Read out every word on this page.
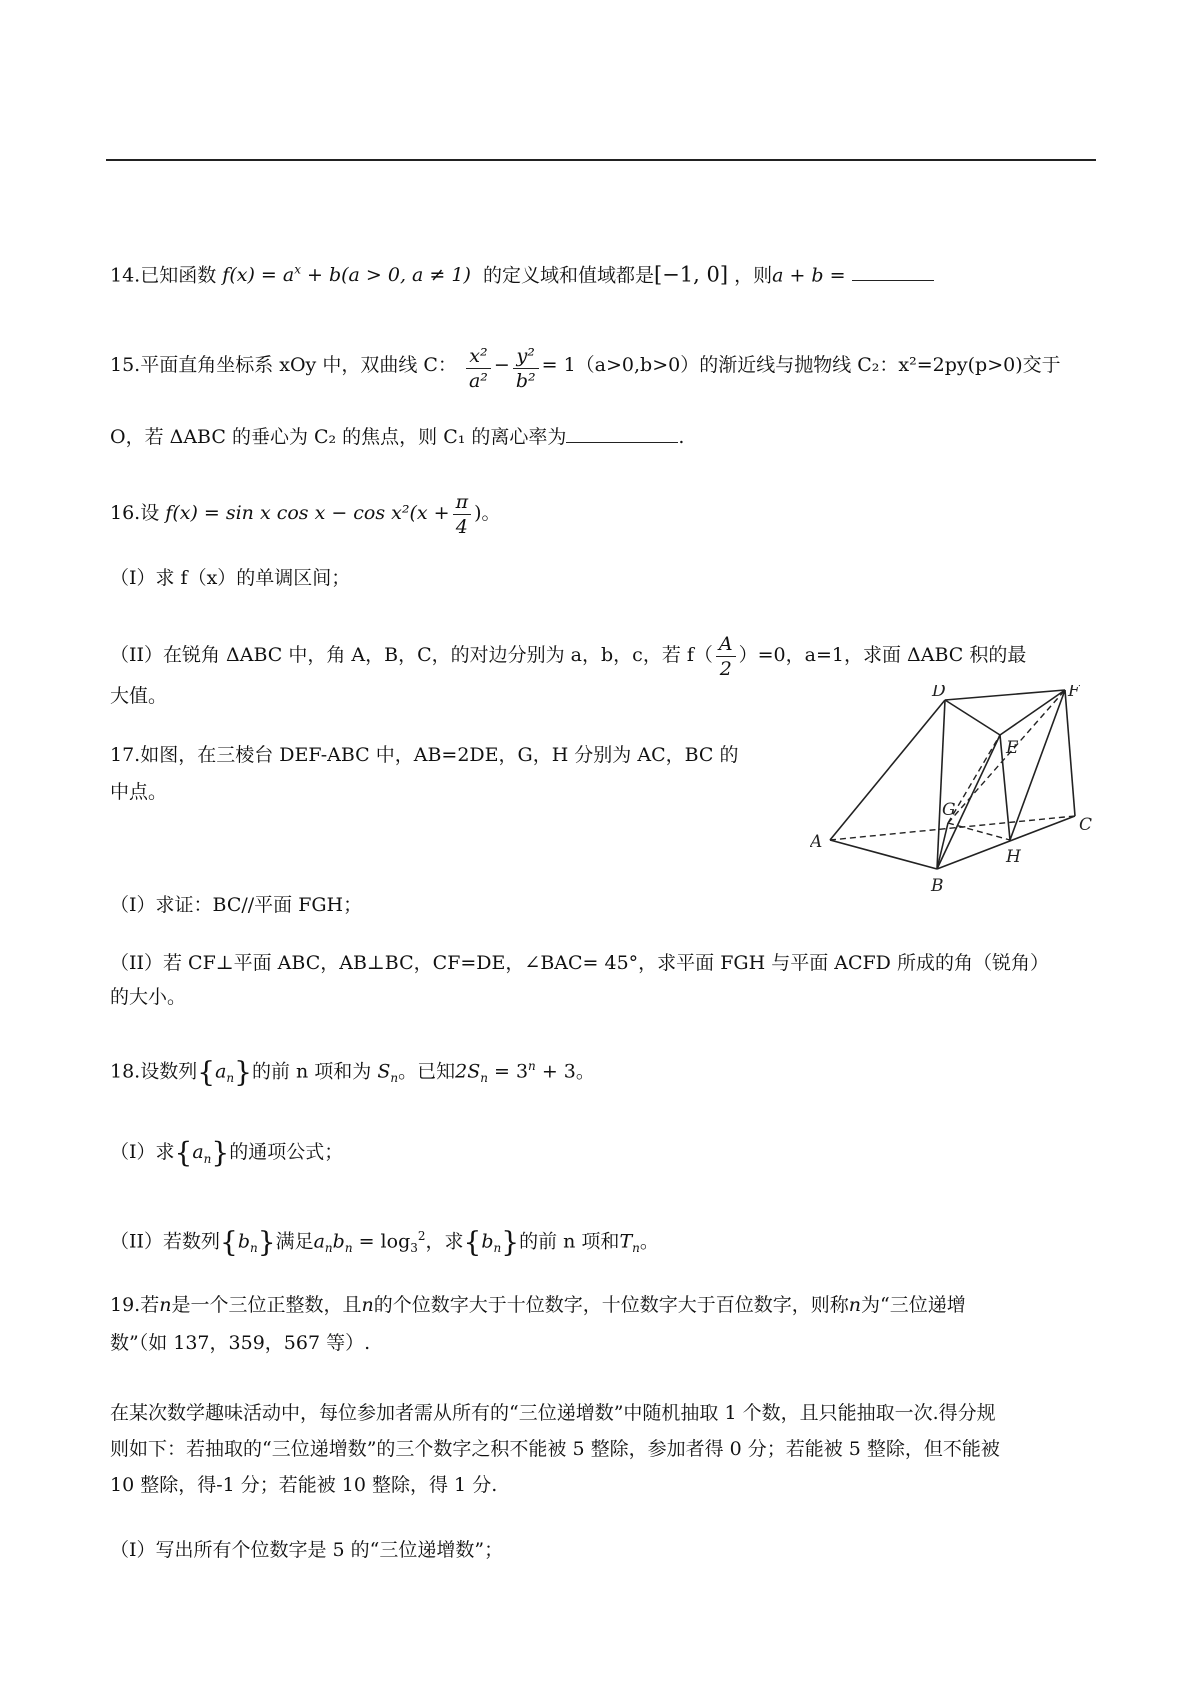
14.已知函数 $f(x) = a^x + b(a > 0$, a ≠ 1) 的定义域和值域都是[−1, 0] ，则a + b =
15.平面直角坐标系 xOy 中，双曲线 C： $\frac{\text{x²}}{\text{a²}} - \frac{\text{y²}}{\text{b²}} = 1(a>0,b>0)$的渐近线与抛物线 C₂：x²=2py(p>0)交于
O，若 ΔABC 的垂心为 C₂ 的焦点，则 C₁ 的离心率为	.
16.设 f(x) = sin x $\cos x - \cos x^2(x + \frac{\pi}{4}$ )。
（I）求 f（x）的单调区间；
（II）在锐角 ΔABC 中，角 A，B，C，的对边分别为 a，b，c，若 $f( \frac{A}{2} )=0$，a=1，求面 ΔABC 积的最
大值。
17.如图，在三棱台 DEF-ABC 中，AB=2DE，G，H 分别为 AC，BC 的
中点。
D	F
E
G
C
A
H
B
（I）求证：BC//平面 FGH；
（II）若 CF⊥平面 ABC，AB⊥BC，CF=DE，∠BAC= 45°，求平面 FGH 与平面 ACFD 所成的角（锐角）
的大小。
18.设数列$\{a_n\}$的前 n 项和为 $S_n$。已知$2S_n = 3^n + 3$。
（I）求$\{a_n\}$的通项公式；
（II）若数列$\{b_n\}$满足$a_nb_n = \log_3^2$，求$\{b_n\}$的前 n 项和$T_n$。
19.若n是一个三位正整数，且n的个位数字大于十位数字，十位数字大于百位数字，则称n为“三位递增
数”（如 137，359，567 等）.
在某次数学趣味活动中，每位参加者需从所有的“三位递增数”中随机抽取 1 个数，且只能抽取一次.得分规
则如下：若抽取的“三位递增数”的三个数字之积不能被 5 整除，参加者得 0 分；若能被 5 整除，但不能被
10 整除，得-1 分；若能被 10 整除，得 1 分.
（I）写出所有个位数字是 5 的“三位递增数”；
